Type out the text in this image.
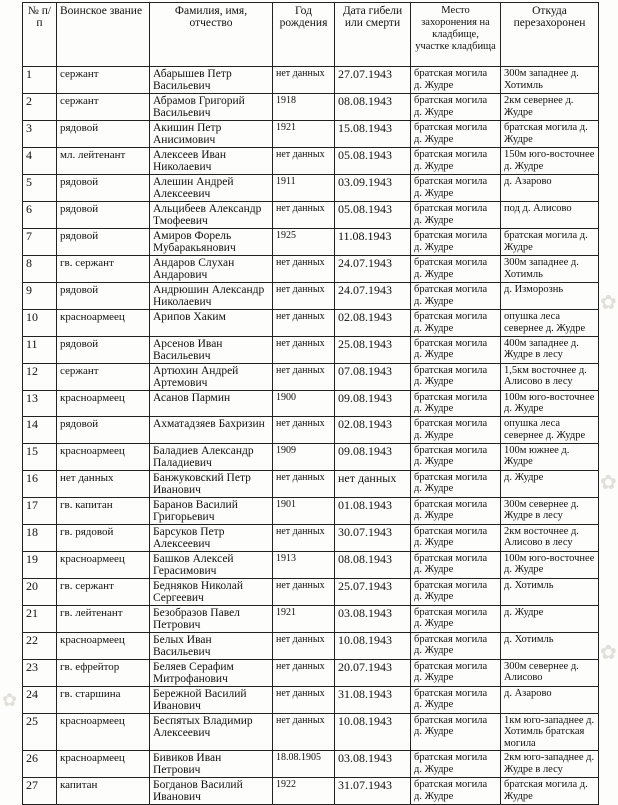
✿
✿
✿
✿
№ п/п	Воинское звание	Фамилия, имя, отчество	Год рождения	Дата гибели или смерти	Место захоронения на кладбище, участке кладбища	Откуда перезахоронен
1	сержант	Абарышев Петр Васильевич	нет данных	27.07.1943	братская могила д. Жудре	300м западнее д. Хотимль
2	сержант	Абрамов Григорий Васильевич	1918	08.08.1943	братская могила д. Жудре	2км севернее д. Жудре
3	рядовой	Акишин Петр Анисимович	1921	15.08.1943	братская могила д. Жудре	братская могила д. Жудре
4	мл. лейтенант	Алексеев Иван Николаевич	нет данных	05.08.1943	братская могила д. Жудре	150м юго-восточнее д. Жудре
5	рядовой	Алешин Андрей Алексеевич	1911	03.09.1943	братская могила д. Жудре	д. Азарово
6	рядовой	Альцибеев Александр Тмофеевич	нет данных	05.08.1943	братская могила д. Жудре	под д. Алисово
7	рядовой	Амиров Форель Мубаракьянович	1925	11.08.1943	братская могила д. Жудре	братская могила д. Жудре
8	гв. сержант	Андаров Слухан Андарович	нет данных	24.07.1943	братская могила д. Жудре	300м западнее д. Хотимль
9	рядовой	Андрюшин Александр Николаевич	нет данных	24.07.1943	братская могила д. Жудре	д. Изморознь
10	красноармеец	Арипов Хаким	нет данных	02.08.1943	братская могила д. Жудре	опушка леса севернее д. Жудре
11	рядовой	Арсенов Иван Васильевич	нет данных	25.08.1943	братская могила д. Жудре	400м западнее д. Жудре в лесу
12	сержант	Артюхин Андрей Артемович	нет данных	07.08.1943	братская могила д. Жудре	1,5км восточнее д. Алисово в лесу
13	красноармеец	Асанов Пармин	1900	09.08.1943	братская могила д. Жудре	100м юго-восточнее д. Жудре
14	рядовой	Ахматадзяев Бахризин	нет данных	02.08.1943	братская могила д. Жудре	опушка леса севернее д. Жудре
15	красноармеец	Баладиев Александр Паладиевич	1909	09.08.1943	братская могила д. Жудре	100м южнее д. Жудре
16	нет данных	Банжуковский Петр Иванович	нет данных	нет данных	братская могила д. Жудре	д. Жудре
17	гв. капитан	Баранов Василий Григорьевич	1901	01.08.1943	братская могила д. Жудре	300м севернее д. Жудре в лесу
18	гв. рядовой	Барсуков Петр Алексеевич	нет данных	30.07.1943	братская могила д. Жудре	2км восточнее д. Алисово в лесу
19	красноармеец	Башков Алексей Герасимович	1913	08.08.1943	братская могила д. Жудре	100м юго-восточнее д. Жудре
20	гв. сержант	Бедняков Николай Сергеевич	нет данных	25.07.1943	братская могила д. Жудре	д. Хотимль
21	гв. лейтенант	Безобразов Павел Петрович	1921	03.08.1943	братская могила д. Жудре	д. Жудре
22	красноармеец	Белых Иван Васильевич	нет данных	10.08.1943	братская могила д. Жудре	д. Хотимль
23	гв. ефрейтор	Беляев Серафим Митрофанович	нет данных	20.07.1943	братская могила д. Жудре	300м севернее д. Алисово
24	гв. старшина	Бережной Василий Иванович	нет данных	31.08.1943	братская могила д. Жудре	д. Азарово
25	красноармеец	Беспятых Владимир Алексеевич	нет данных	10.08.1943	братская могила д. Жудре	1км юго-западнее д. Хотимль братская могила
26	красноармеец	Бивиков Иван Петрович	18.08.1905	03.08.1943	братская могила д. Жудре	2км юго-западнее д. Жудре в лесу
27	капитан	Богданов Василий Иванович	1922	31.07.1943	братская могила д. Жудре	братская могила д. Жудре
